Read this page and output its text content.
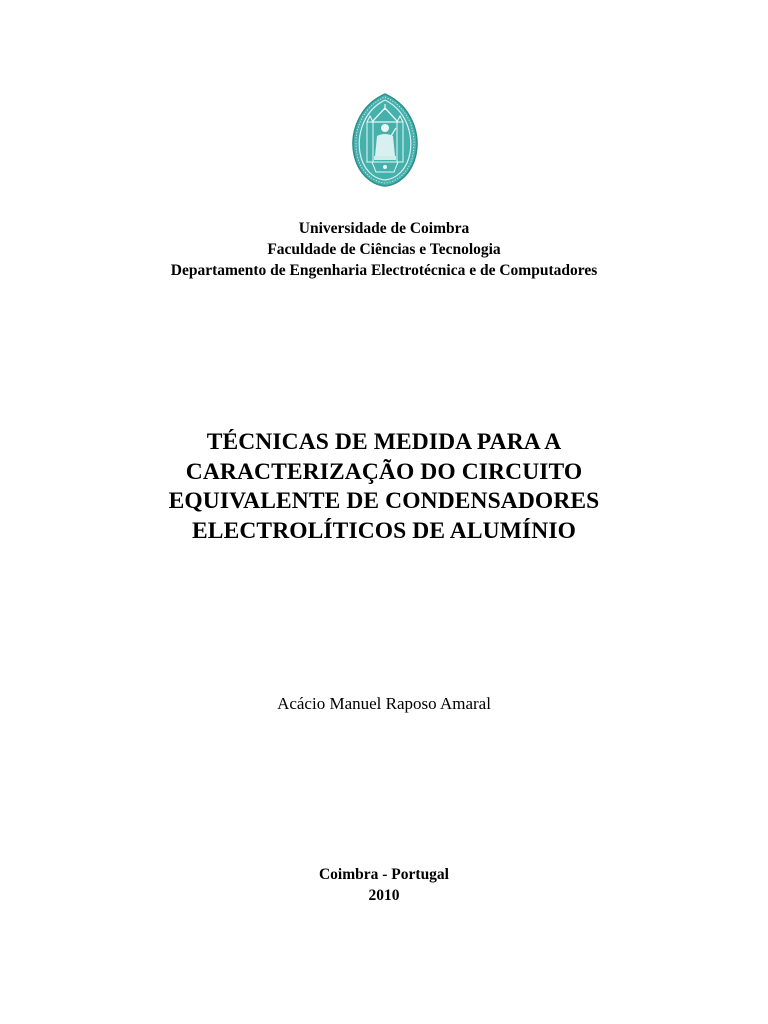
Universidade de Coimbra
Faculdade de Ciências e Tecnologia
Departamento de Engenharia Electrotécnica e de Computadores
TÉCNICAS DE MEDIDA PARA A
CARACTERIZAÇÃO DO CIRCUITO
EQUIVALENTE DE CONDENSADORES
ELECTROLÍTICOS DE ALUMÍNIO
Acácio Manuel Raposo Amaral
Coimbra - Portugal
2010
